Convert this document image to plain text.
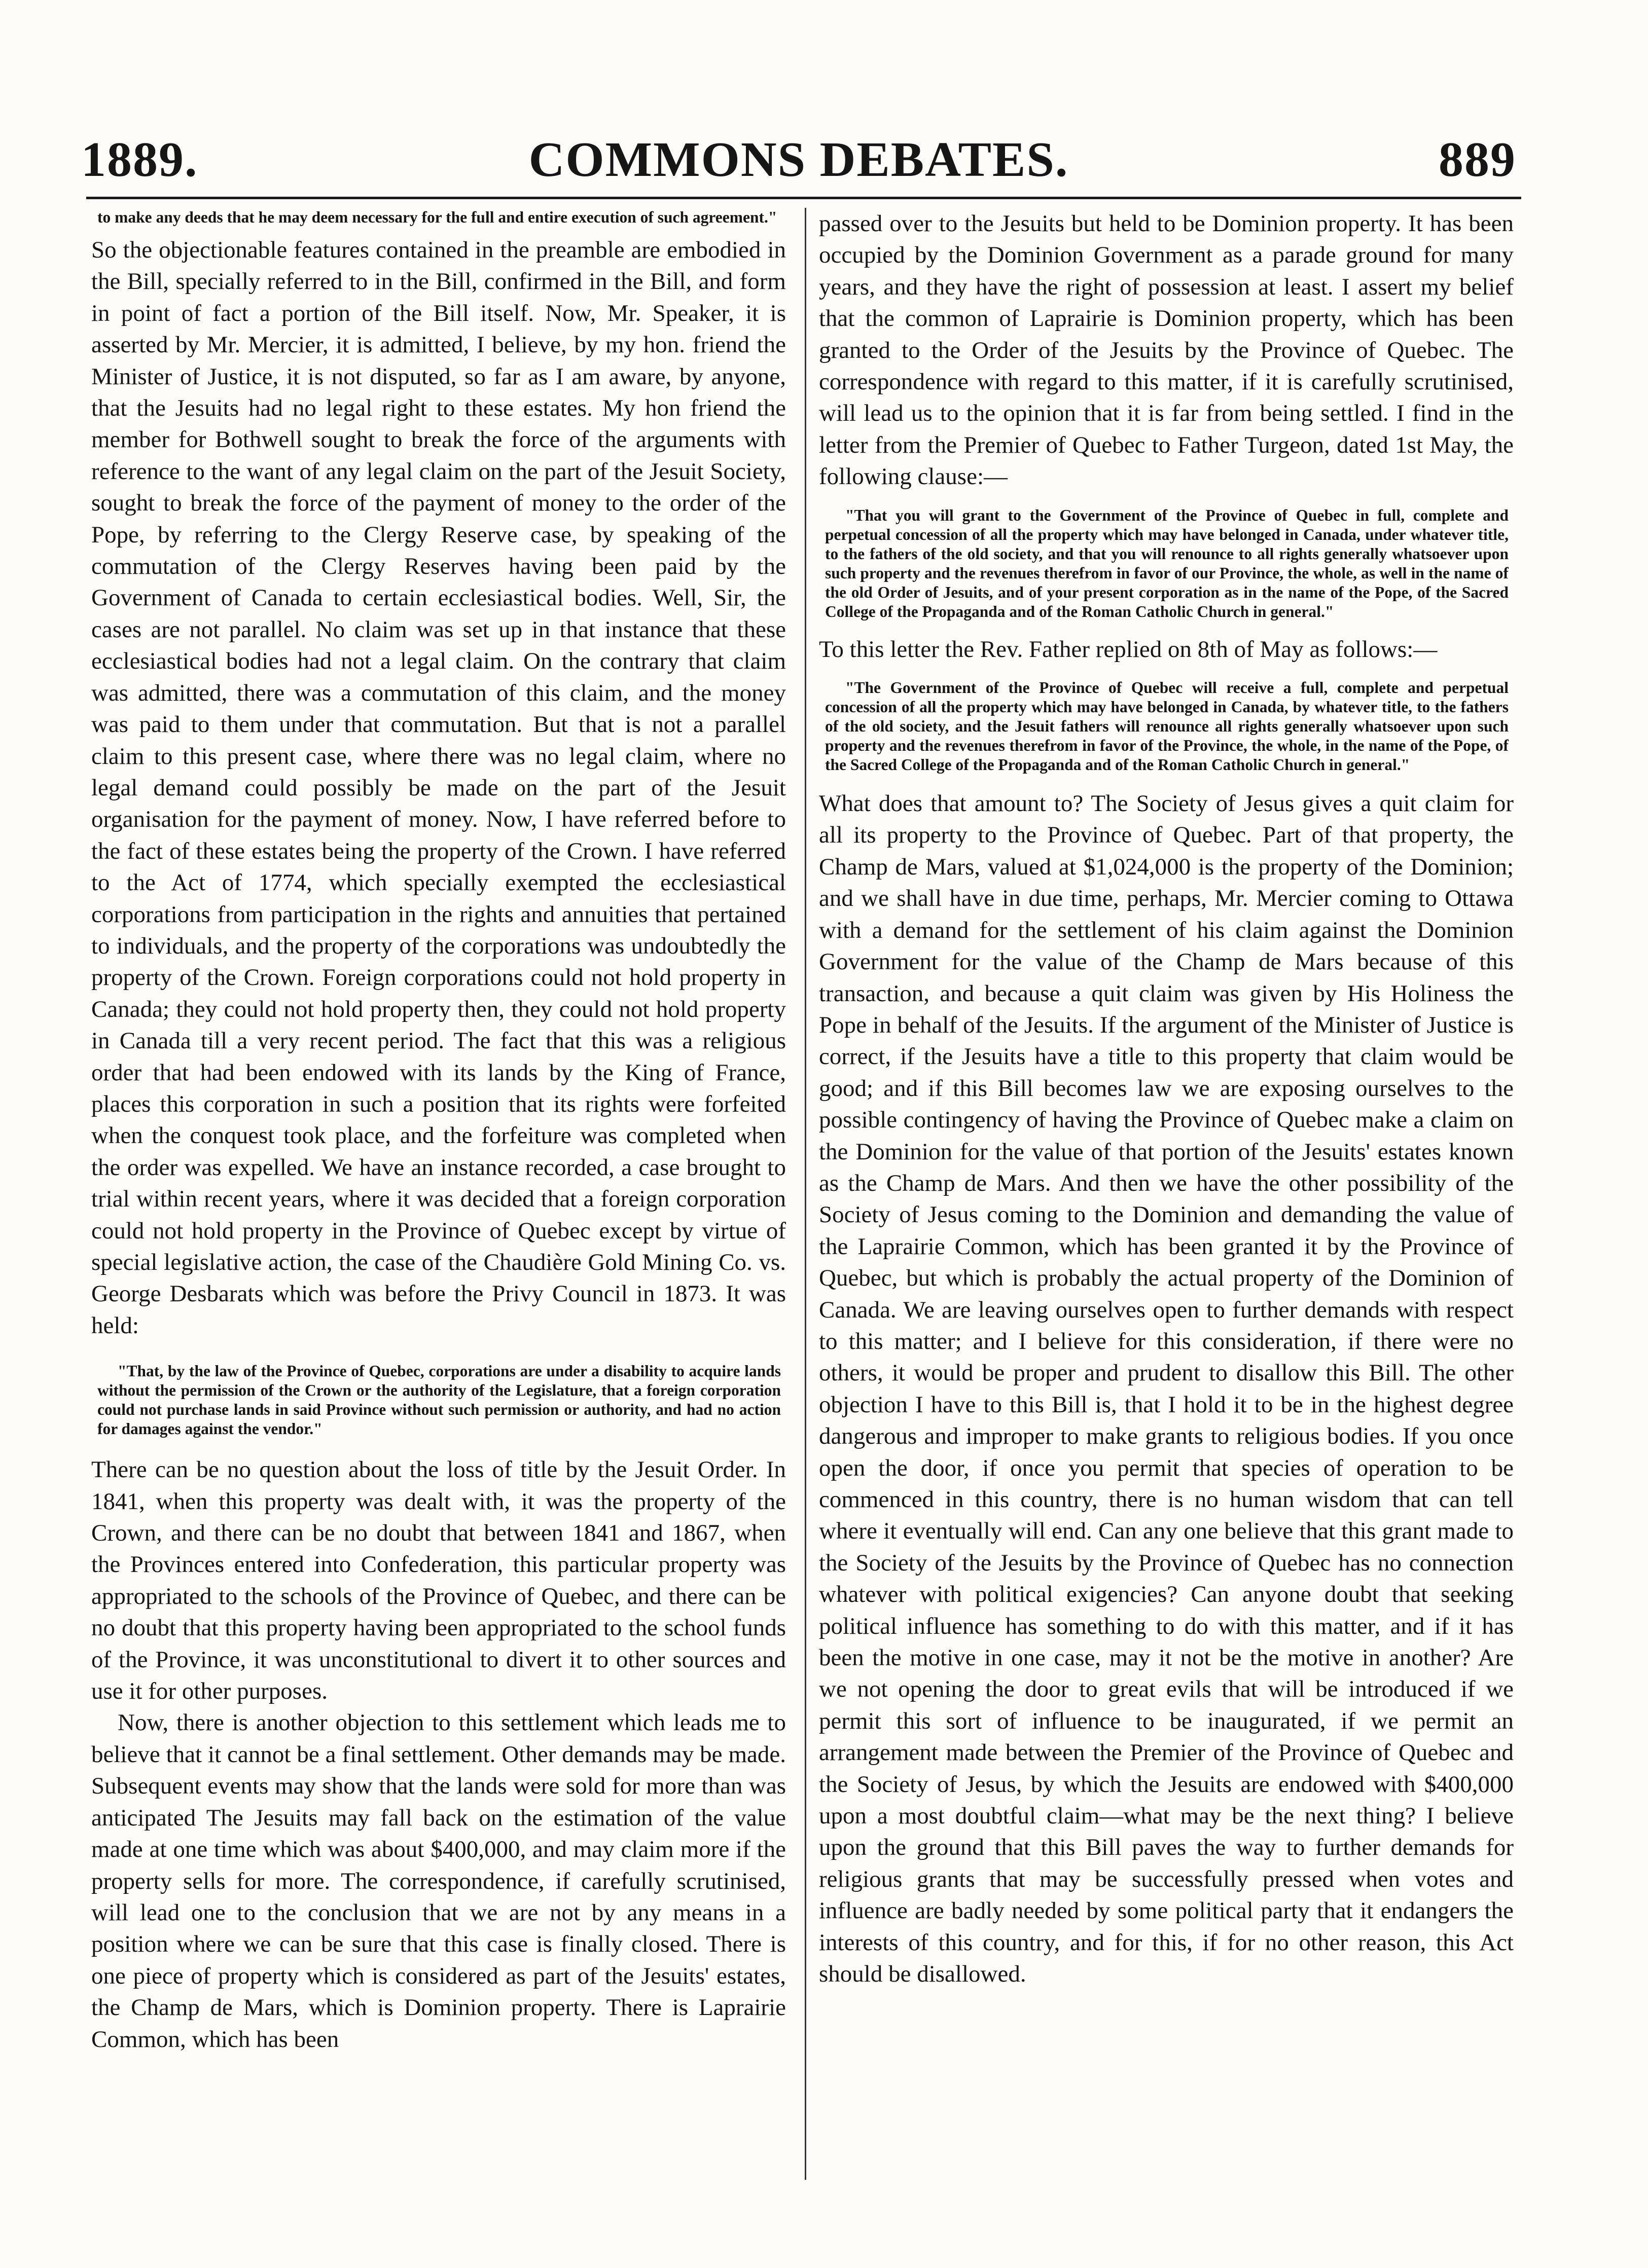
1889.	COMMONS DEBATES.	889

to make any deeds that he may deem necessary for the full and entire execution of such agreement."

So the objectionable features contained in the preamble are embodied in the Bill, specially referred to in the Bill, confirmed in the Bill, and form in point of fact a portion of the Bill itself. Now, Mr. Speaker, it is asserted by Mr. Mercier, it is admitted, I believe, by my hon. friend the Minister of Justice, it is not disputed, so far as I am aware, by anyone, that the Jesuits had no legal right to these estates. My hon friend the member for Bothwell sought to break the force of the arguments with reference to the want of any legal claim on the part of the Jesuit Society, sought to break the force of the payment of money to the order of the Pope, by referring to the Clergy Reserve case, by speaking of the commutation of the Clergy Reserves having been paid by the Government of Canada to certain ecclesiastical bodies. Well, Sir, the cases are not parallel. No claim was set up in that instance that these ecclesiastical bodies had not a legal claim. On the contrary that claim was admitted, there was a commutation of this claim, and the money was paid to them under that commutation. But that is not a parallel claim to this present case, where there was no legal claim, where no legal demand could possibly be made on the part of the Jesuit organisation for the payment of money. Now, I have referred before to the fact of these estates being the property of the Crown. I have referred to the Act of 1774, which specially exempted the ecclesiastical corporations from participation in the rights and annuities that pertained to individuals, and the property of the corporations was undoubtedly the property of the Crown. Foreign corporations could not hold property in Canada; they could not hold property then, they could not hold property in Canada till a very recent period. The fact that this was a religious order that had been endowed with its lands by the King of France, places this corporation in such a position that its rights were forfeited when the conquest took place, and the forfeiture was completed when the order was expelled. We have an instance recorded, a case brought to trial within recent years, where it was decided that a foreign corporation could not hold property in the Province of Quebec except by virtue of special legislative action, the case of the Chaudière Gold Mining Co. vs. George Desbarats which was before the Privy Council in 1873. It was held:

"That, by the law of the Province of Quebec, corporations are under a disability to acquire lands without the permission of the Crown or the authority of the Legislature, that a foreign corporation could not purchase lands in said Province without such permission or authority, and had no action for damages against the vendor."

There can be no question about the loss of title by the Jesuit Order. In 1841, when this property was dealt with, it was the property of the Crown, and there can be no doubt that between 1841 and 1867, when the Provinces entered into Confederation, this particular property was appropriated to the schools of the Province of Quebec, and there can be no doubt that this property having been appropriated to the school funds of the Province, it was unconstitutional to divert it to other sources and use it for other purposes.

Now, there is another objection to this settlement which leads me to believe that it cannot be a final settlement. Other demands may be made. Subsequent events may show that the lands were sold for more than was anticipated The Jesuits may fall back on the estimation of the value made at one time which was about $400,000, and may claim more if the property sells for more. The correspondence, if carefully scrutinised, will lead one to the conclusion that we are not by any means in a position where we can be sure that this case is finally closed. There is one piece of property which is considered as part of the Jesuits' estates, the Champ de Mars, which is Dominion property. There is Laprairie Common, which has been

passed over to the Jesuits but held to be Dominion property. It has been occupied by the Dominion Government as a parade ground for many years, and they have the right of possession at least. I assert my belief that the common of Laprairie is Dominion property, which has been granted to the Order of the Jesuits by the Province of Quebec. The correspondence with regard to this matter, if it is carefully scrutinised, will lead us to the opinion that it is far from being settled. I find in the letter from the Premier of Quebec to Father Turgeon, dated 1st May, the following clause:—

"That you will grant to the Government of the Province of Quebec in full, complete and perpetual concession of all the property which may have belonged in Canada, under whatever title, to the fathers of the old society, and that you will renounce to all rights generally whatsoever upon such property and the revenues therefrom in favor of our Province, the whole, as well in the name of the old Order of Jesuits, and of your present corporation as in the name of the Pope, of the Sacred College of the Propaganda and of the Roman Catholic Church in general."

To this letter the Rev. Father replied on 8th of May as follows:—

"The Government of the Province of Quebec will receive a full, complete and perpetual concession of all the property which may have belonged in Canada, by whatever title, to the fathers of the old society, and the Jesuit fathers will renounce all rights generally whatsoever upon such property and the revenues therefrom in favor of the Province, the whole, in the name of the Pope, of the Sacred College of the Propaganda and of the Roman Catholic Church in general."

What does that amount to? The Society of Jesus gives a quit claim for all its property to the Province of Quebec. Part of that property, the Champ de Mars, valued at $1,024,000 is the property of the Dominion; and we shall have in due time, perhaps, Mr. Mercier coming to Ottawa with a demand for the settlement of his claim against the Dominion Government for the value of the Champ de Mars because of this transaction, and because a quit claim was given by His Holiness the Pope in behalf of the Jesuits. If the argument of the Minister of Justice is correct, if the Jesuits have a title to this property that claim would be good; and if this Bill becomes law we are exposing ourselves to the possible contingency of having the Province of Quebec make a claim on the Dominion for the value of that portion of the Jesuits' estates known as the Champ de Mars. And then we have the other possibility of the Society of Jesus coming to the Dominion and demanding the value of the Laprairie Common, which has been granted it by the Province of Quebec, but which is probably the actual property of the Dominion of Canada. We are leaving ourselves open to further demands with respect to this matter; and I believe for this consideration, if there were no others, it would be proper and prudent to disallow this Bill. The other objection I have to this Bill is, that I hold it to be in the highest degree dangerous and improper to make grants to religious bodies. If you once open the door, if once you permit that species of operation to be commenced in this country, there is no human wisdom that can tell where it eventually will end. Can any one believe that this grant made to the Society of the Jesuits by the Province of Quebec has no connection whatever with political exigencies? Can anyone doubt that seeking political influence has something to do with this matter, and if it has been the motive in one case, may it not be the motive in another? Are we not opening the door to great evils that will be introduced if we permit this sort of influence to be inaugurated, if we permit an arrangement made between the Premier of the Province of Quebec and the Society of Jesus, by which the Jesuits are endowed with $400,000 upon a most doubtful claim—what may be the next thing? I believe upon the ground that this Bill paves the way to further demands for religious grants that may be successfully pressed when votes and influence are badly needed by some political party that it endangers the interests of this country, and for this, if for no other reason, this Act should be disallowed.
